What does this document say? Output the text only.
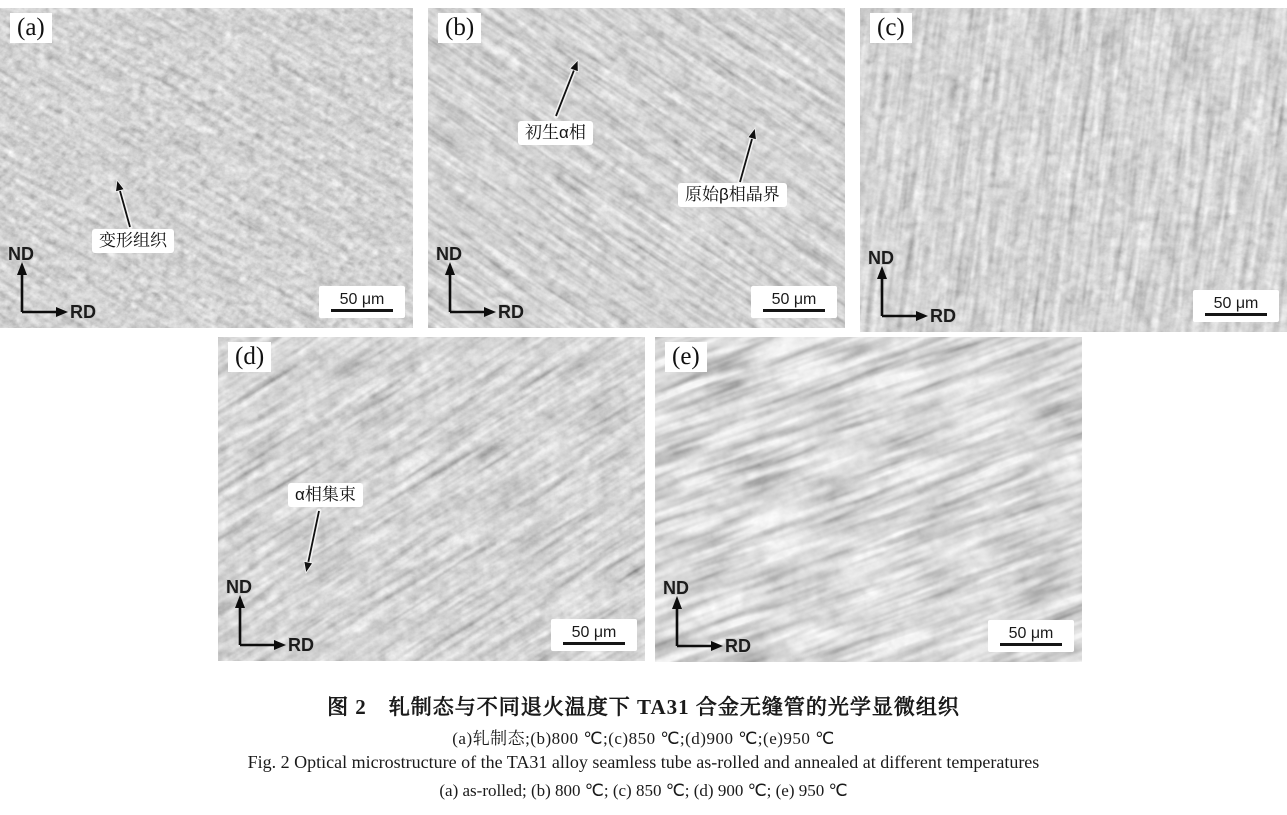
(a)
变形组织
ND
RD
50 μm
(b)
初生α相
原始β相晶界
ND
RD
50 μm
(c)
ND
RD
50 μm
(d)
α相集束
ND
RD
50 μm
(e)
ND
RD
50 μm
图 2　轧制态与不同退火温度下 TA31 合金无缝管的光学显微组织
(a)轧制态;(b)800 ℃;(c)850 ℃;(d)900 ℃;(e)950 ℃
Fig. 2 Optical microstructure of the TA31 alloy seamless tube as-rolled and annealed at different temperatures
(a) as-rolled; (b) 800 ℃; (c) 850 ℃; (d) 900 ℃; (e) 950 ℃
